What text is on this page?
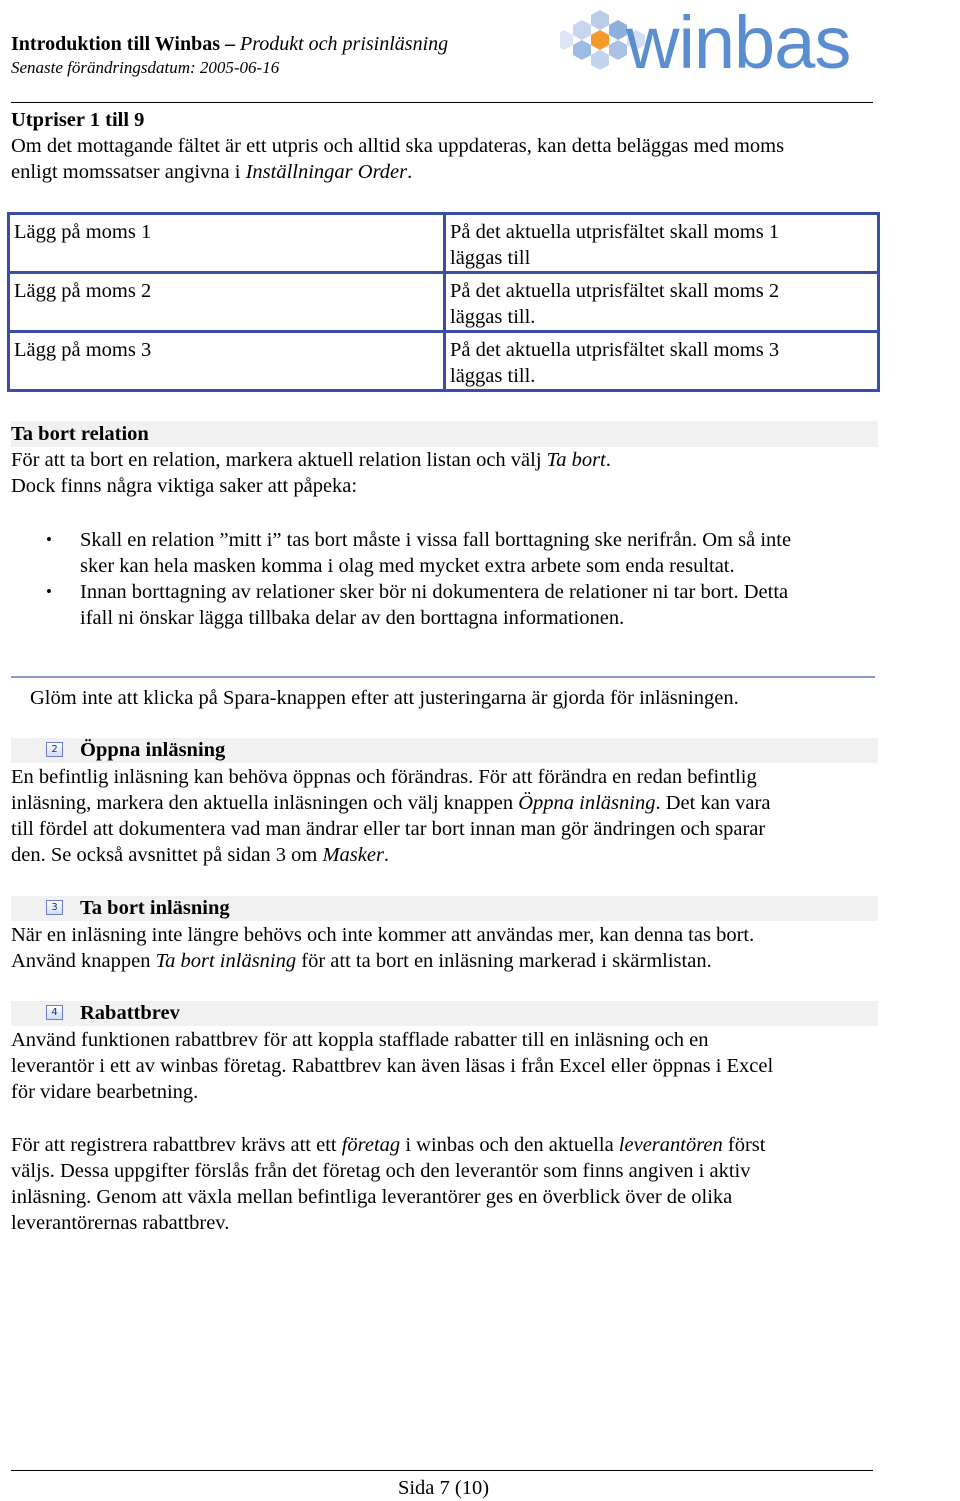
Introduktion till Winbas – Produkt och prisinläsning
Senaste förändringsdatum: 2005-06-16	winbas
Utpriser 1 till 9
Om det mottagande fältet är ett utpris och alltid ska uppdateras, kan detta beläggas med moms
enligt momssatser angivna i Inställningar Order.
Lägg på moms 1	På det aktuella utprisfältet skall moms 1
läggas till

Lägg på moms 2	På det aktuella utprisfältet skall moms 2
läggas till.

Lägg på moms 3	På det aktuella utprisfältet skall moms 3
läggas till.
Ta bort relation
För att ta bort en relation, markera aktuell relation listan och välj Ta bort.
Dock finns några viktiga saker att påpeka:
• Skall en relation ”mitt i” tas bort måste i vissa fall borttagning ske nerifrån. Om så inte
sker kan hela masken komma i olag med mycket extra arbete som enda resultat.
• Innan borttagning av relationer sker bör ni dokumentera de relationer ni tar bort. Detta
ifall ni önskar lägga tillbaka delar av den borttagna informationen.
Glöm inte att klicka på Spara-knappen efter att justeringarna är gjorda för inläsningen.
2 Öppna inläsning
En befintlig inläsning kan behöva öppnas och förändras. För att förändra en redan befintlig
inläsning, markera den aktuella inläsningen och välj knappen Öppna inläsning. Det kan vara
till fördel att dokumentera vad man ändrar eller tar bort innan man gör ändringen och sparar
den. Se också avsnittet på sidan 3 om Masker.
3 Ta bort inläsning
När en inläsning inte längre behövs och inte kommer att användas mer, kan denna tas bort.
Använd knappen Ta bort inläsning för att ta bort en inläsning markerad i skärmlistan.
4 Rabattbrev
Använd funktionen rabattbrev för att koppla stafflade rabatter till en inläsning och en
leverantör i ett av winbas företag. Rabattbrev kan även läsas i från Excel eller öppnas i Excel
för vidare bearbetning.
För att registrera rabattbrev krävs att ett företag i winbas och den aktuella leverantören först
väljs. Dessa uppgifter förslås från det företag och den leverantör som finns angiven i aktiv
inläsning. Genom att växla mellan befintliga leverantörer ges en överblick över de olika
leverantörernas rabattbrev.
Sida 7 (10)
